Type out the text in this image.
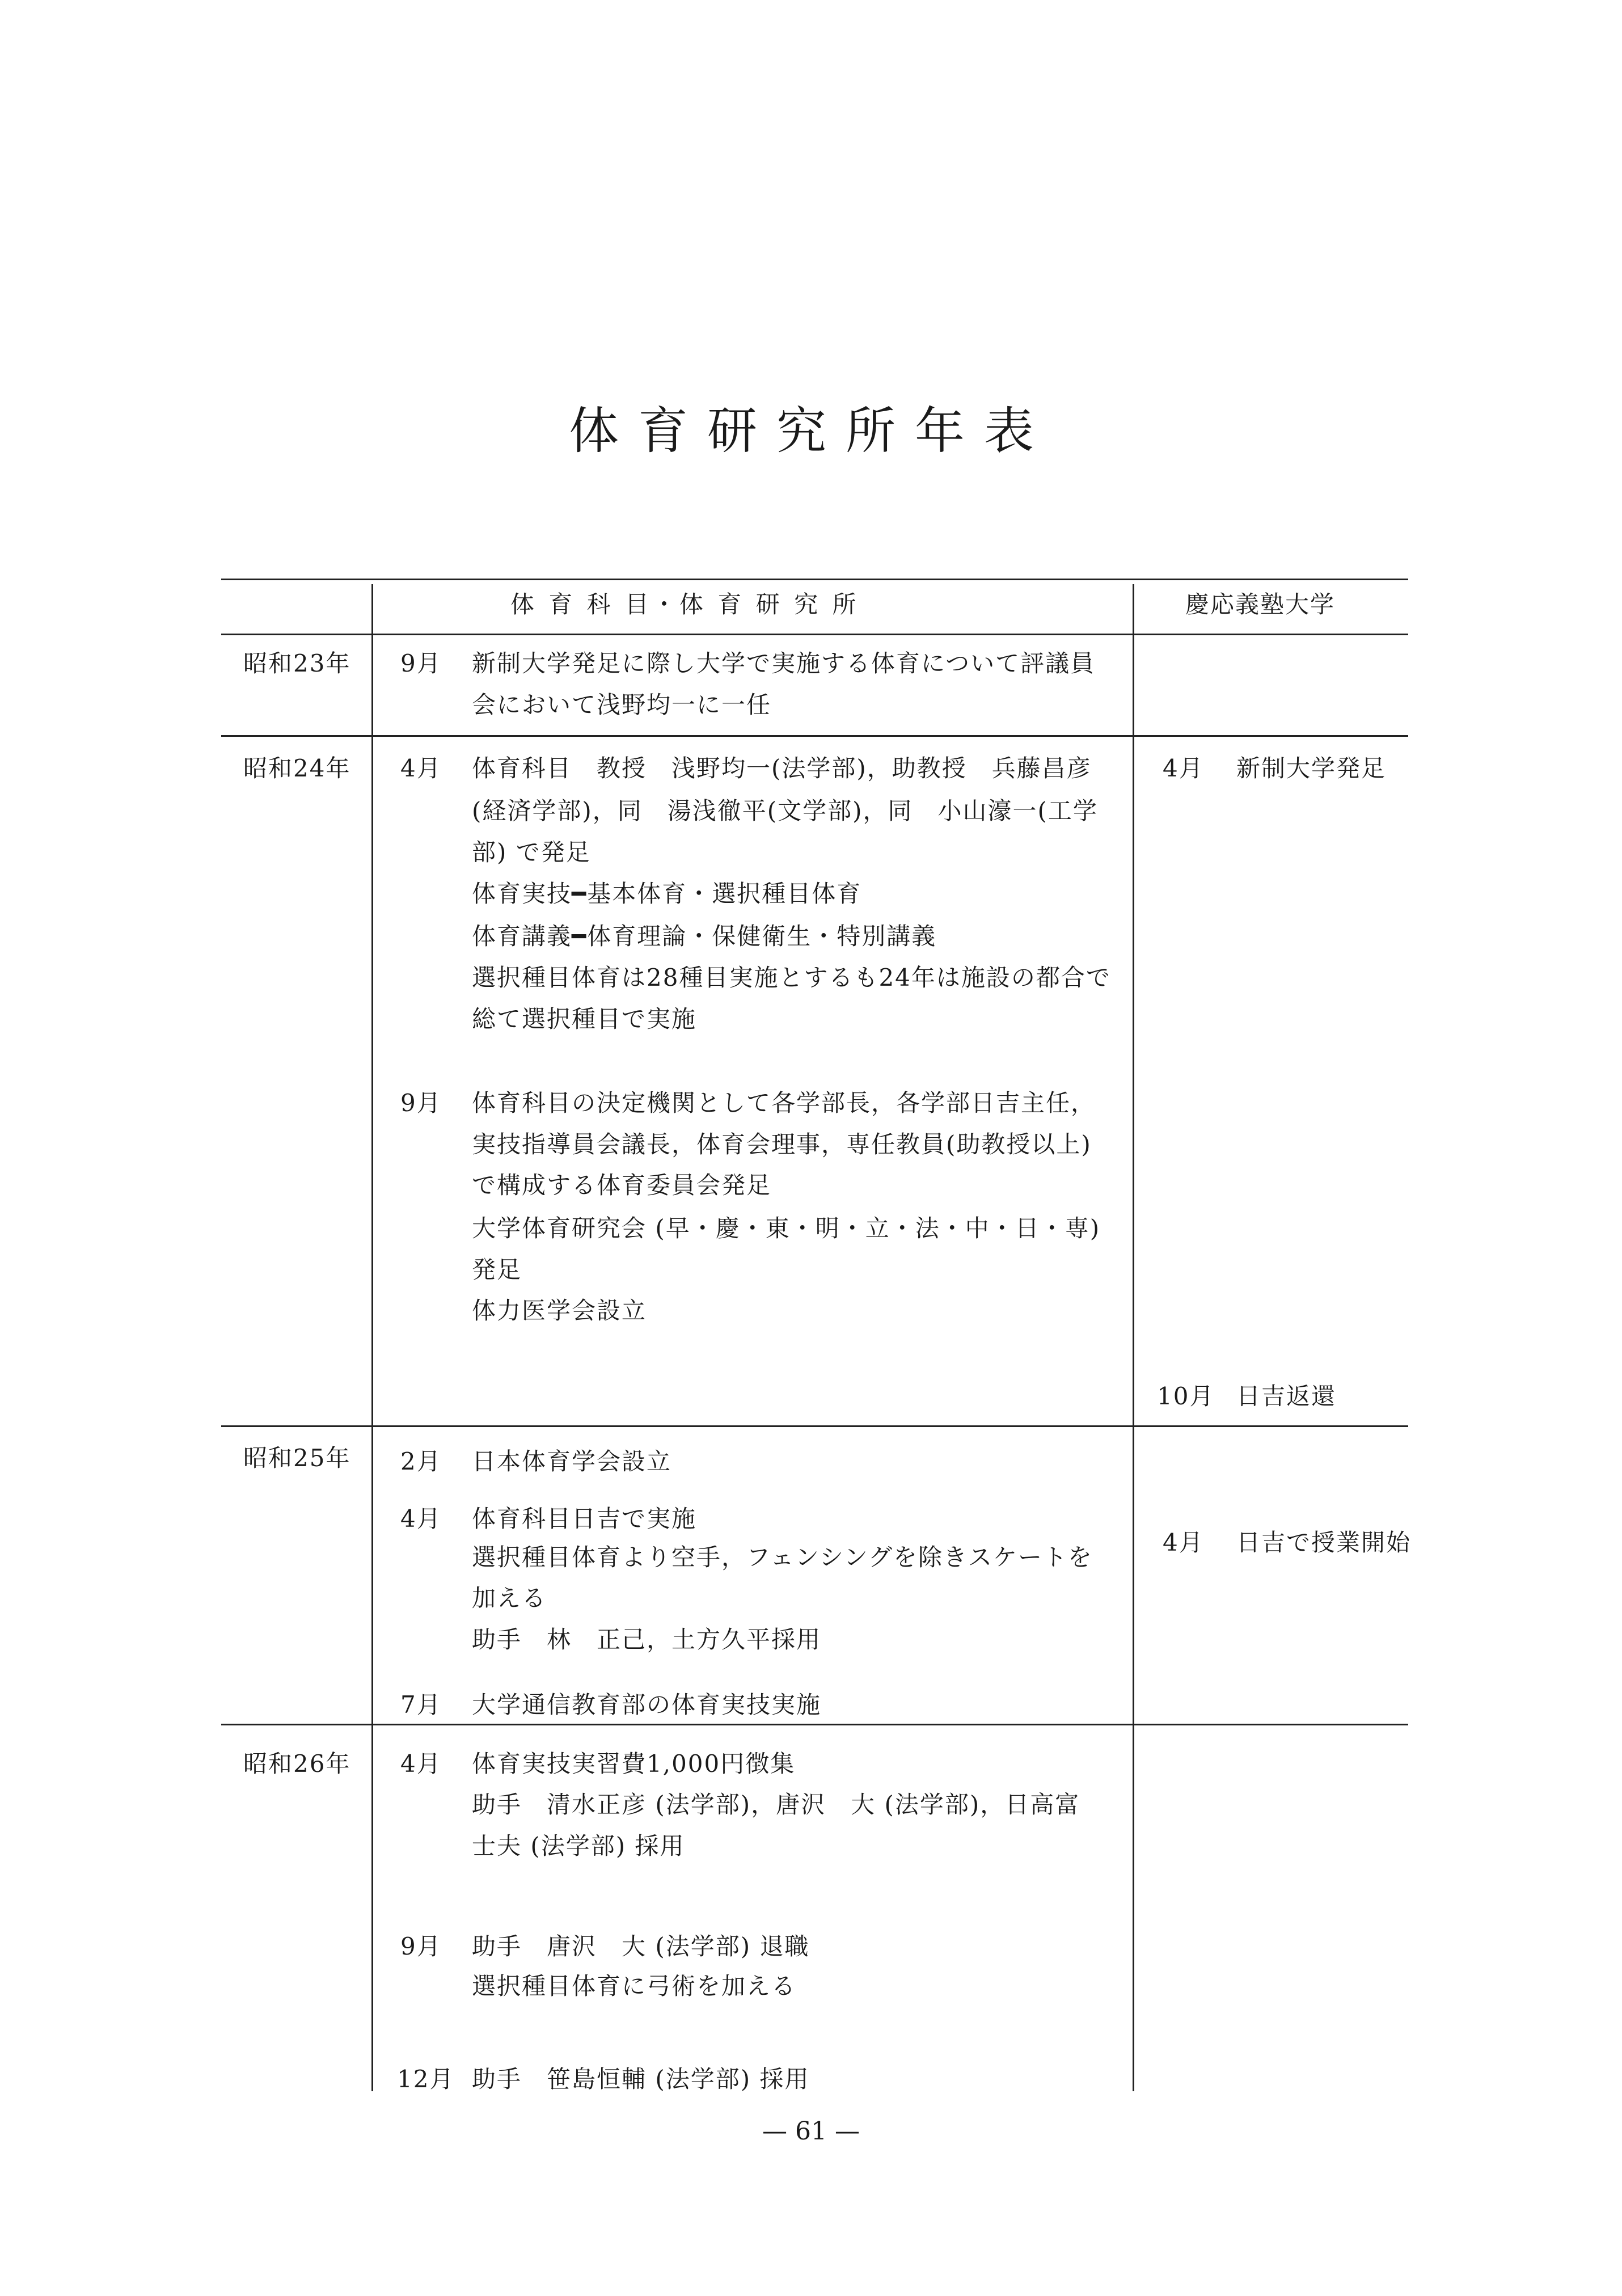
体育研究所年表
体 育 科 目・体 育 研 究 所	慶応義塾大学
昭和23年 9月 新制大学発足に際し大学で実施する体育について評議員
会において浅野均一に一任
昭和24年 4月 体育科目　教授　浅野均一(法学部)，助教授　兵藤昌彦
(経済学部)，同　湯浅徹平(文学部)，同　小山濠一(工学
部) で発足
体育実技━基本体育・選択種目体育
体育講義━体育理論・保健衛生・特別講義
選択種目体育は28種目実施とするも24年は施設の都合で
総て選択種目で実施
9月 体育科目の決定機関として各学部長，各学部日吉主任，
実技指導員会議長，体育会理事，専任教員(助教授以上)
で構成する体育委員会発足
大学体育研究会 (早・慶・東・明・立・法・中・日・専)
発足
体力医学会設立
4月 新制大学発足
10月 日吉返還
昭和25年 2月 日本体育学会設立
4月 体育科目日吉で実施
選択種目体育より空手，フェンシングを除きスケートを
加える
助手　林　正己，土方久平採用
7月 大学通信教育部の体育実技実施
4月 日吉で授業開始
昭和26年 4月 体育実技実習費1,000円徴集
助手　清水正彦 (法学部)，唐沢　大 (法学部)，日高富
士夫 (法学部) 採用
9月 助手　唐沢　大 (法学部) 退職
選択種目体育に弓術を加える
12月 助手　笹島恒輔 (法学部) 採用
— 61 —
